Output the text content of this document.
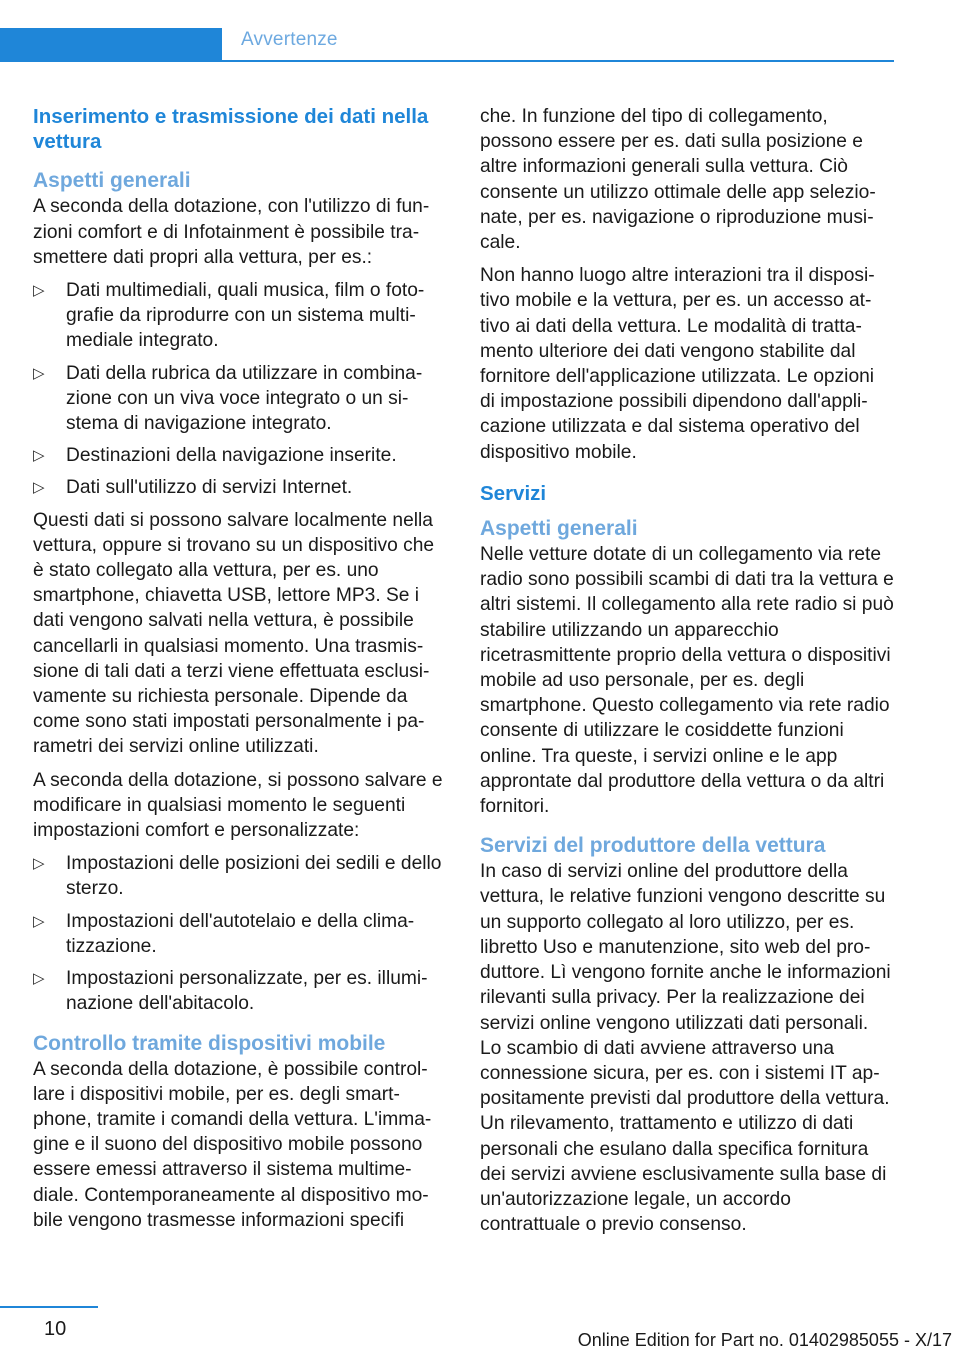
Avvertenze
Inserimento e trasmissione dei dati nella vettura
Aspetti generali

A seconda della dotazione, con l'utilizzo di funzioni comfort e di Infotainment è possibile trasmettere dati propri alla vettura, per es.:

▷ Dati multimediali, quali musica, film o fotografie da riprodurre con un sistema multimediale integrato.
▷ Dati della rubrica da utilizzare in combinazione con un viva voce integrato o un sistema di navigazione integrato.
▷ Destinazioni della navigazione inserite.
▷ Dati sull'utilizzo di servizi Internet.

Questi dati si possono salvare localmente nella vettura, oppure si trovano su un dispositivo che è stato collegato alla vettura, per es. uno smartphone, chiavetta USB, lettore MP3. Se i dati vengono salvati nella vettura, è possibile cancellarli in qualsiasi momento. Una trasmissione di tali dati a terzi viene effettuata esclusivamente su richiesta personale. Dipende da come sono stati impostati personalmente i parametri dei servizi online utilizzati.

A seconda della dotazione, si possono salvare e modificare in qualsiasi momento le seguenti impostazioni comfort e personalizzate:

▷ Impostazioni delle posizioni dei sedili e dello sterzo.
▷ Impostazioni dell'autotelaio e della climatizzazione.
▷ Impostazioni personalizzate, per es. illuminazione dell'abitacolo.
Controllo tramite dispositivi mobile

A seconda della dotazione, è possibile controllare i dispositivi mobile, per es. degli smartphone, tramite i comandi della vettura. L'immagine e il suono del dispositivo mobile possono essere emessi attraverso il sistema multimediale. Contemporaneamente al dispositivo mobile vengono trasmesse informazioni specifi

che. In funzione del tipo di collegamento, possono essere per es. dati sulla posizione e altre informazioni generali sulla vettura. Ciò consente un utilizzo ottimale delle app selezionate, per es. navigazione o riproduzione musicale.

Non hanno luogo altre interazioni tra il dispositivo mobile e la vettura, per es. un accesso attivo ai dati della vettura. Le modalità di trattamento ulteriore dei dati vengono stabilite dal fornitore dell'applicazione utilizzata. Le opzioni di impostazione possibili dipendono dall'applicazione utilizzata e dal sistema operativo del dispositivo mobile.

Servizi
Aspetti generali

Nelle vetture dotate di un collegamento via rete radio sono possibili scambi di dati tra la vettura e altri sistemi. Il collegamento alla rete radio si può stabilire utilizzando un apparecchio ricetrasmittente proprio della vettura o dispositivi mobile ad uso personale, per es. degli smartphone. Questo collegamento via rete radio consente di utilizzare le cosiddette funzioni online. Tra queste, i servizi online e le app approntate dal produttore della vettura o da altri fornitori.

Servizi del produttore della vettura

In caso di servizi online del produttore della vettura, le relative funzioni vengono descritte su un supporto collegato al loro utilizzo, per es. libretto Uso e manutenzione, sito web del produttore. Lì vengono fornite anche le informazioni rilevanti sulla privacy. Per la realizzazione dei servizi online vengono utilizzati dati personali. Lo scambio di dati avviene attraverso una connessione sicura, per es. con i sistemi IT appositamente previsti dal produttore della vettura. Un rilevamento, trattamento e utilizzo di dati personali che esulano dalla specifica fornitura dei servizi avviene esclusivamente sulla base di un'autorizzazione legale, un accordo contrattuale o previo consenso.

10	Online Edition for Part no. 01402985055 - X/17
